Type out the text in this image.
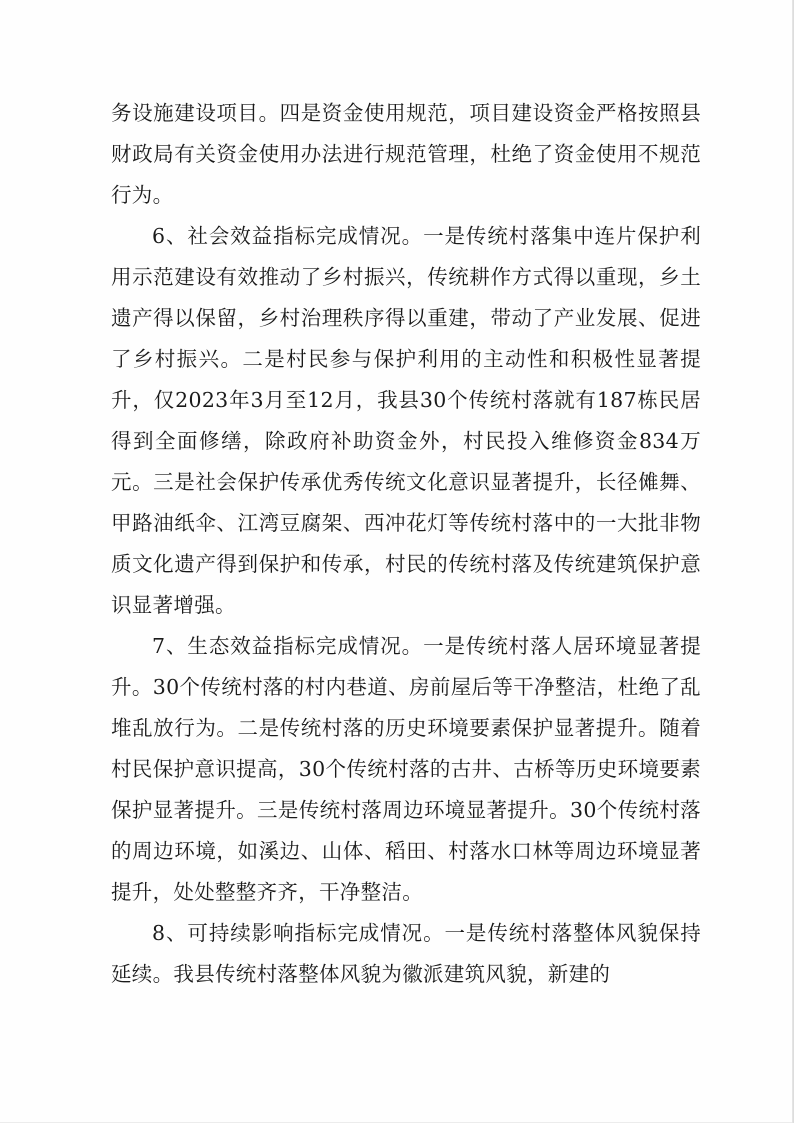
务设施建设项目。四是资金使用规范，项目建设资金严格按照县财政局有关资金使用办法进行规范管理，杜绝了资金使用不规范行为。

6、社会效益指标完成情况。一是传统村落集中连片保护利用示范建设有效推动了乡村振兴，传统耕作方式得以重现，乡土遗产得以保留，乡村治理秩序得以重建，带动了产业发展、促进了乡村振兴。二是村民参与保护利用的主动性和积极性显著提升，仅2023年3月至12月，我县30个传统村落就有187栋民居得到全面修缮，除政府补助资金外，村民投入维修资金834万元。三是社会保护传承优秀传统文化意识显著提升，长径傩舞、甲路油纸伞、江湾豆腐架、西冲花灯等传统村落中的一大批非物质文化遗产得到保护和传承，村民的传统村落及传统建筑保护意识显著增强。

7、生态效益指标完成情况。一是传统村落人居环境显著提升。30个传统村落的村内巷道、房前屋后等干净整洁，杜绝了乱堆乱放行为。二是传统村落的历史环境要素保护显著提升。随着村民保护意识提高，30个传统村落的古井、古桥等历史环境要素保护显著提升。三是传统村落周边环境显著提升。30个传统村落的周边环境，如溪边、山体、稻田、村落水口林等周边环境显著提升，处处整整齐齐，干净整洁。

8、可持续影响指标完成情况。一是传统村落整体风貌保持延续。我县传统村落整体风貌为徽派建筑风貌，新建的
